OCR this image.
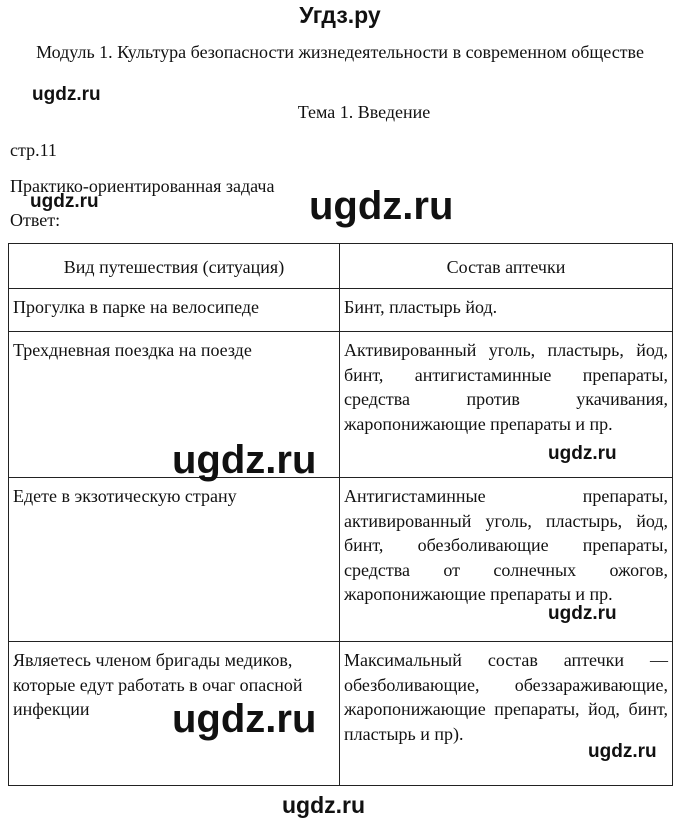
Угдз.ру
Модуль 1. Культура безопасности жизнедеятельности в современном обществе
ugdz.ru
Тема 1. Введение
стр.11
Практико-ориентированная задача
Ответ:
ugdz.ru	ugdz.ru
Вид путешествия (ситуация)	Состав аптечки
Прогулка в парке на велосипеде	Бинт, пластырь йод.
Трехдневная поездка на поезде	Активированный уголь, пластырь, йод, бинт, антигистаминные препараты, средства против укачивания, жаропонижающие препараты и пр.
Едете в экзотическую страну	Антигистаминные препараты, активированный уголь, пластырь, йод, бинт, обезболивающие препараты, средства от солнечных ожогов, жаропонижающие препараты и пр.
Являетесь членом бригады медиков, которые едут работать в очаг опасной инфекции	Максимальный состав аптечки — обезболивающие, обеззараживающие, жаропонижающие препараты, йод, бинт, пластырь и пр).
ugdz.ru	ugdz.ru
ugdz.ru
ugdz.ru
ugdz.ru
ugdz.ru
